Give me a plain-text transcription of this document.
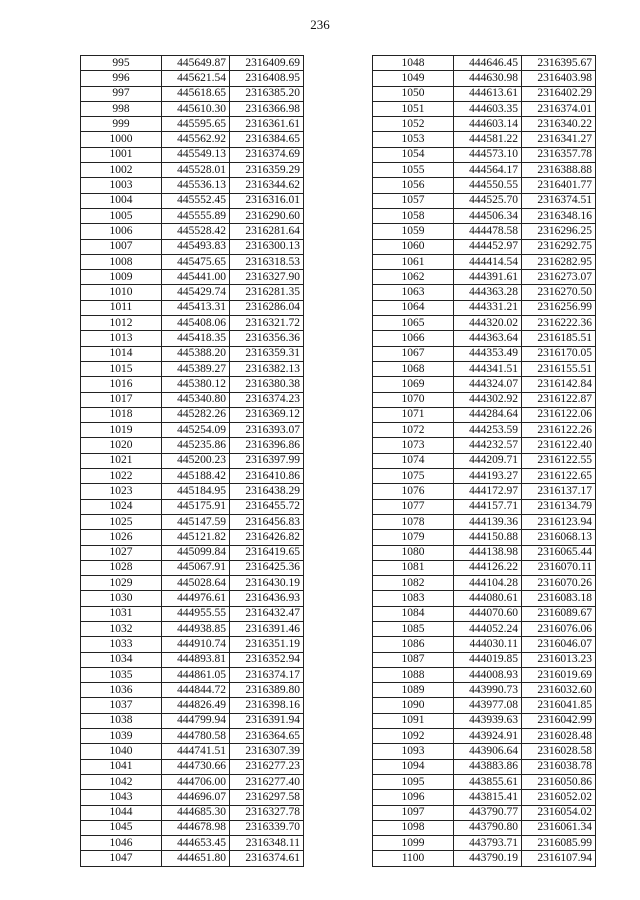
236
995	445649.87	2316409.69
996	445621.54	2316408.95
997	445618.65	2316385.20
998	445610.30	2316366.98
999	445595.65	2316361.61
1000	445562.92	2316384.65
1001	445549.13	2316374.69
1002	445528.01	2316359.29
1003	445536.13	2316344.62
1004	445552.45	2316316.01
1005	445555.89	2316290.60
1006	445528.42	2316281.64
1007	445493.83	2316300.13
1008	445475.65	2316318.53
1009	445441.00	2316327.90
1010	445429.74	2316281.35
1011	445413.31	2316286.04
1012	445408.06	2316321.72
1013	445418.35	2316356.36
1014	445388.20	2316359.31
1015	445389.27	2316382.13
1016	445380.12	2316380.38
1017	445340.80	2316374.23
1018	445282.26	2316369.12
1019	445254.09	2316393.07
1020	445235.86	2316396.86
1021	445200.23	2316397.99
1022	445188.42	2316410.86
1023	445184.95	2316438.29
1024	445175.91	2316455.72
1025	445147.59	2316456.83
1026	445121.82	2316426.82
1027	445099.84	2316419.65
1028	445067.91	2316425.36
1029	445028.64	2316430.19
1030	444976.61	2316436.93
1031	444955.55	2316432.47
1032	444938.85	2316391.46
1033	444910.74	2316351.19
1034	444893.81	2316352.94
1035	444861.05	2316374.17
1036	444844.72	2316389.80
1037	444826.49	2316398.16
1038	444799.94	2316391.94
1039	444780.58	2316364.65
1040	444741.51	2316307.39
1041	444730.66	2316277.23
1042	444706.00	2316277.40
1043	444696.07	2316297.58
1044	444685.30	2316327.78
1045	444678.98	2316339.70
1046	444653.45	2316348.11
1047	444651.80	2316374.61
1048	444646.45	2316395.67
1049	444630.98	2316403.98
1050	444613.61	2316402.29
1051	444603.35	2316374.01
1052	444603.14	2316340.22
1053	444581.22	2316341.27
1054	444573.10	2316357.78
1055	444564.17	2316388.88
1056	444550.55	2316401.77
1057	444525.70	2316374.51
1058	444506.34	2316348.16
1059	444478.58	2316296.25
1060	444452.97	2316292.75
1061	444414.54	2316282.95
1062	444391.61	2316273.07
1063	444363.28	2316270.50
1064	444331.21	2316256.99
1065	444320.02	2316222.36
1066	444363.64	2316185.51
1067	444353.49	2316170.05
1068	444341.51	2316155.51
1069	444324.07	2316142.84
1070	444302.92	2316122.87
1071	444284.64	2316122.06
1072	444253.59	2316122.26
1073	444232.57	2316122.40
1074	444209.71	2316122.55
1075	444193.27	2316122.65
1076	444172.97	2316137.17
1077	444157.71	2316134.79
1078	444139.36	2316123.94
1079	444150.88	2316068.13
1080	444138.98	2316065.44
1081	444126.22	2316070.11
1082	444104.28	2316070.26
1083	444080.61	2316083.18
1084	444070.60	2316089.67
1085	444052.24	2316076.06
1086	444030.11	2316046.07
1087	444019.85	2316013.23
1088	444008.93	2316019.69
1089	443990.73	2316032.60
1090	443977.08	2316041.85
1091	443939.63	2316042.99
1092	443924.91	2316028.48
1093	443906.64	2316028.58
1094	443883.86	2316038.78
1095	443855.61	2316050.86
1096	443815.41	2316052.02
1097	443790.77	2316054.02
1098	443790.80	2316061.34
1099	443793.71	2316085.99
1100	443790.19	2316107.94
